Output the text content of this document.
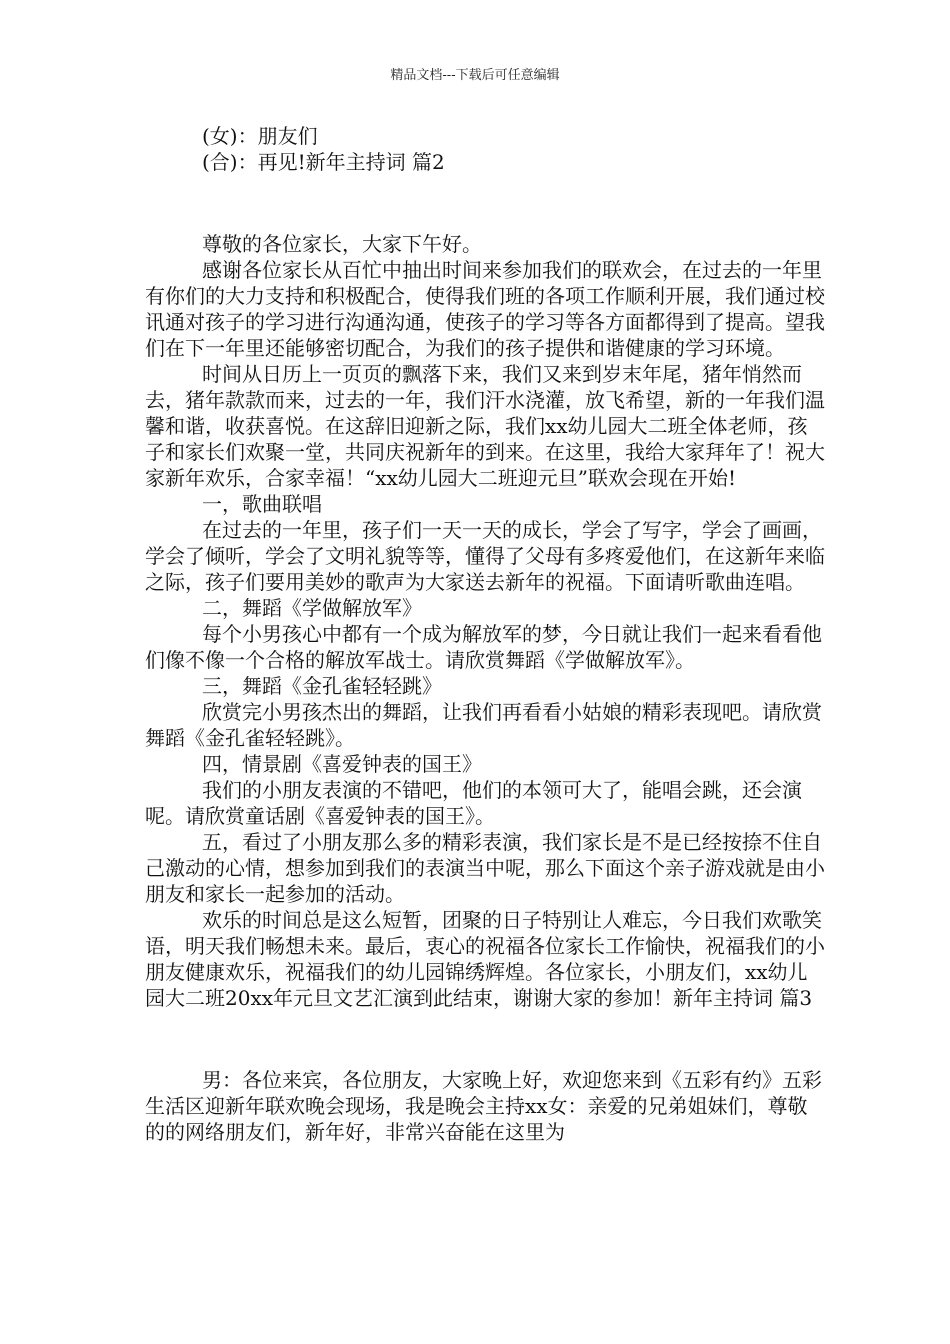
精品文档---下载后可任意编辑

(女)：朋友们

(合)：再见!新年主持词 篇2

尊敬的各位家长，大家下午好。

感谢各位家长从百忙中抽出时间来参加我们的联欢会，在过去的一年里有你们的大力支持和积极配合，使得我们班的各项工作顺利开展，我们通过校讯通对孩子的学习进行沟通沟通，使孩子的学习等各方面都得到了提高。望我们在下一年里还能够密切配合，为我们的孩子提供和谐健康的学习环境。

时间从日历上一页页的飘落下来，我们又来到岁末年尾，猪年悄然而去，猪年款款而来，过去的一年，我们汗水浇灌，放飞希望，新的一年我们温馨和谐，收获喜悦。在这辞旧迎新之际，我们xx幼儿园大二班全体老师，孩子和家长们欢聚一堂，共同庆祝新年的到来。在这里，我给大家拜年了！祝大家新年欢乐，合家幸福！“xx幼儿园大二班迎元旦”联欢会现在开始!

一，歌曲联唱

在过去的一年里，孩子们一天一天的成长，学会了写字，学会了画画，学会了倾听，学会了文明礼貌等等，懂得了父母有多疼爱他们，在这新年来临之际，孩子们要用美妙的歌声为大家送去新年的祝福。下面请听歌曲连唱。

二，舞蹈《学做解放军》

每个小男孩心中都有一个成为解放军的梦，今日就让我们一起来看看他们像不像一个合格的解放军战士。请欣赏舞蹈《学做解放军》。

三，舞蹈《金孔雀轻轻跳》

欣赏完小男孩杰出的舞蹈，让我们再看看小姑娘的精彩表现吧。请欣赏舞蹈《金孔雀轻轻跳》。

四，情景剧《喜爱钟表的国王》

我们的小朋友表演的不错吧，他们的本领可大了，能唱会跳，还会演呢。请欣赏童话剧《喜爱钟表的国王》。

五，看过了小朋友那么多的精彩表演，我们家长是不是已经按捺不住自己激动的心情，想参加到我们的表演当中呢，那么下面这个亲子游戏就是由小朋友和家长一起参加的活动。

欢乐的时间总是这么短暂，团聚的日子特别让人难忘，今日我们欢歌笑语，明天我们畅想未来。最后，衷心的祝福各位家长工作愉快，祝福我们的小朋友健康欢乐，祝福我们的幼儿园锦绣辉煌。各位家长，小朋友们，xx幼儿园大二班20xx年元旦文艺汇演到此结束，谢谢大家的参加！新年主持词 篇3

男：各位来宾，各位朋友，大家晚上好，欢迎您来到《五彩有约》五彩生活区迎新年联欢晚会现场，我是晚会主持xx女：亲爱的兄弟姐妹们，尊敬的的网络朋友们，新年好，非常兴奋能在这里为
